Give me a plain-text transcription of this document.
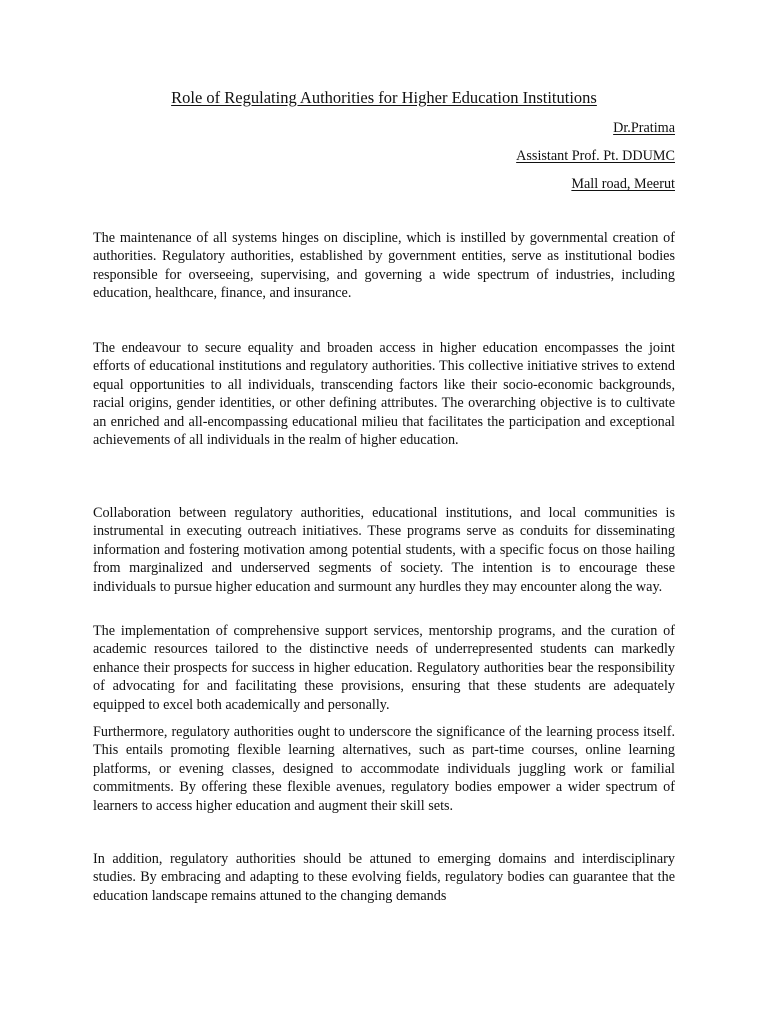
Role of Regulating Authorities for Higher Education Institutions
Dr.Pratima
Assistant Prof. Pt. DDUMC
Mall road, Meerut

The maintenance of all systems hinges on discipline, which is instilled by governmental creation of authorities. Regulatory authorities, established by government entities, serve as institutional bodies responsible for overseeing, supervising, and governing a wide spectrum of industries, including education, healthcare, finance, and insurance.

The endeavour to secure equality and broaden access in higher education encompasses the joint efforts of educational institutions and regulatory authorities. This collective initiative strives to extend equal opportunities to all individuals, transcending factors like their socio-economic backgrounds, racial origins, gender identities, or other defining attributes. The overarching objective is to cultivate an enriched and all-encompassing educational milieu that facilitates the participation and exceptional achievements of all individuals in the realm of higher education.

Collaboration between regulatory authorities, educational institutions, and local communities is instrumental in executing outreach initiatives. These programs serve as conduits for disseminating information and fostering motivation among potential students, with a specific focus on those hailing from marginalized and underserved segments of society. The intention is to encourage these individuals to pursue higher education and surmount any hurdles they may encounter along the way.

The implementation of comprehensive support services, mentorship programs, and the curation of academic resources tailored to the distinctive needs of underrepresented students can markedly enhance their prospects for success in higher education. Regulatory authorities bear the responsibility of advocating for and facilitating these provisions, ensuring that these students are adequately equipped to excel both academically and personally.

Furthermore, regulatory authorities ought to underscore the significance of the learning process itself. This entails promoting flexible learning alternatives, such as part-time courses, online learning platforms, or evening classes, designed to accommodate individuals juggling work or familial commitments. By offering these flexible avenues, regulatory bodies empower a wider spectrum of learners to access higher education and augment their skill sets.

In addition, regulatory authorities should be attuned to emerging domains and interdisciplinary studies. By embracing and adapting to these evolving fields, regulatory bodies can guarantee that the education landscape remains attuned to the changing demands
